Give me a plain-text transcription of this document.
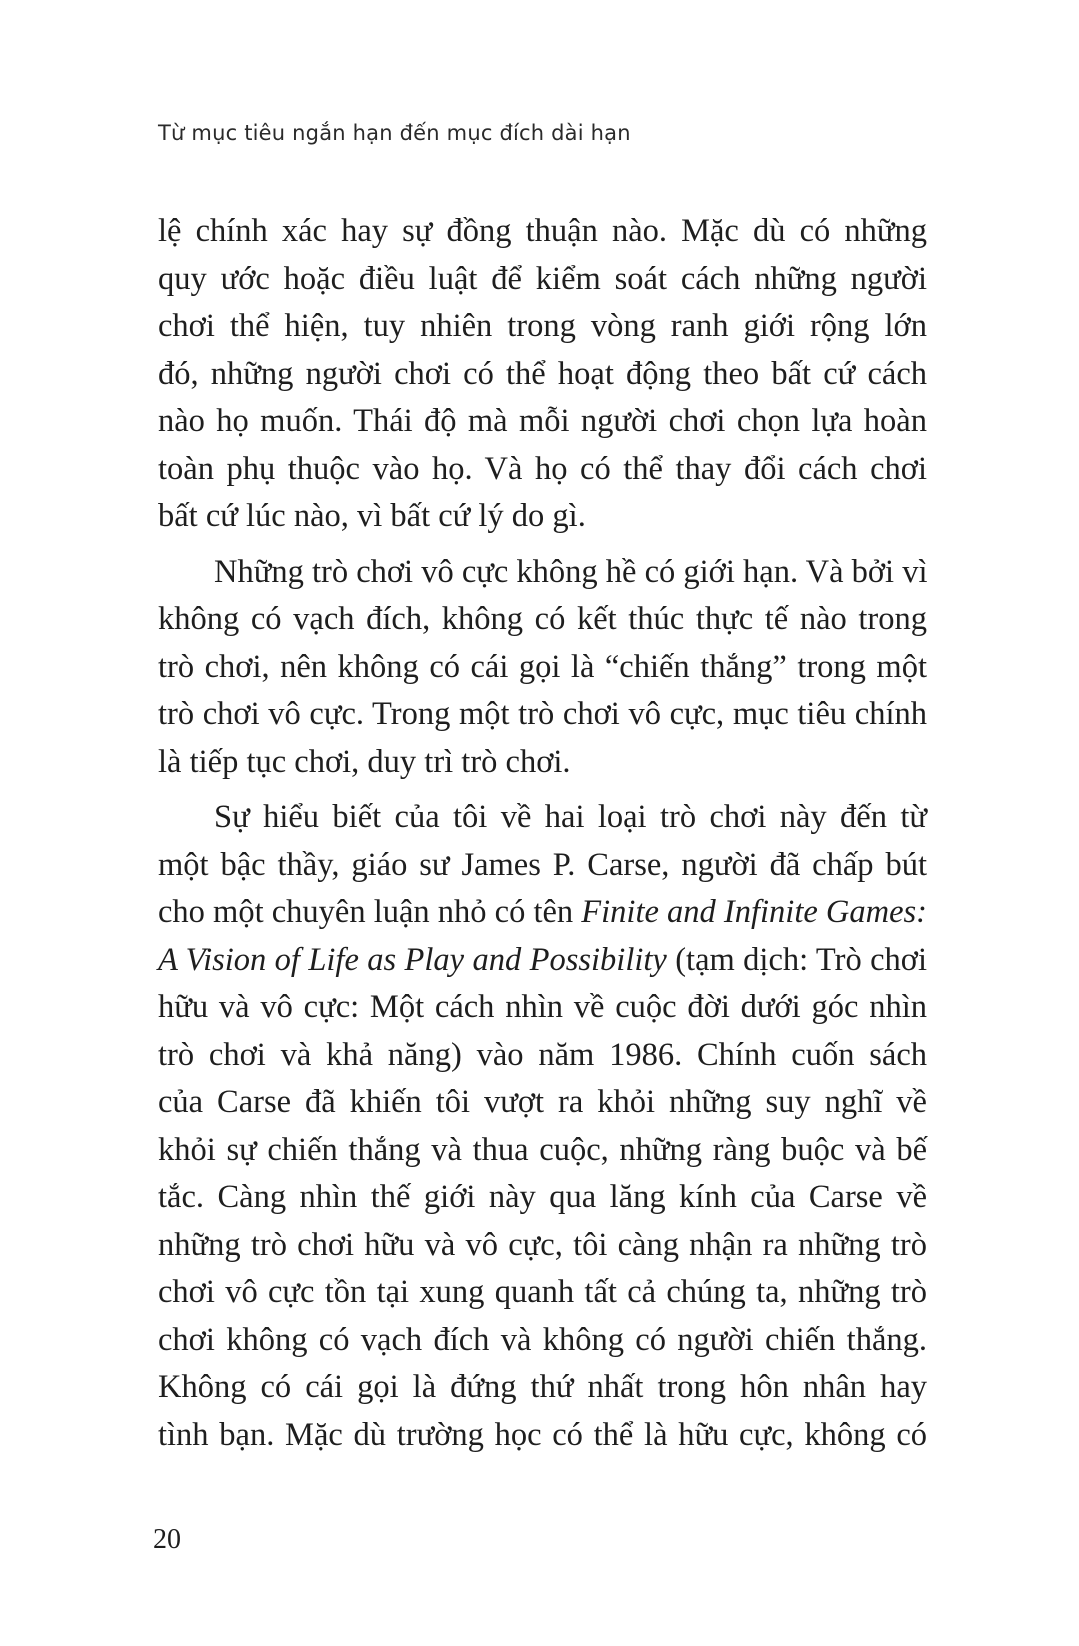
Từ mục tiêu ngắn hạn đến mục đích dài hạn

lệ chính xác hay sự đồng thuận nào. Mặc dù có những
quy ước hoặc điều luật để kiểm soát cách những người
chơi thể hiện, tuy nhiên trong vòng ranh giới rộng lớn
đó, những người chơi có thể hoạt động theo bất cứ cách
nào họ muốn. Thái độ mà mỗi người chơi chọn lựa hoàn
toàn phụ thuộc vào họ. Và họ có thể thay đổi cách chơi
bất cứ lúc nào, vì bất cứ lý do gì.

Những trò chơi vô cực không hề có giới hạn. Và bởi vì
không có vạch đích, không có kết thúc thực tế nào trong
trò chơi, nên không có cái gọi là “chiến thắng” trong một
trò chơi vô cực. Trong một trò chơi vô cực, mục tiêu chính
là tiếp tục chơi, duy trì trò chơi.

Sự hiểu biết của tôi về hai loại trò chơi này đến từ
một bậc thầy, giáo sư James P. Carse, người đã chấp bút
cho một chuyên luận nhỏ có tên Finite and Infinite Games:
A Vision of Life as Play and Possibility (tạm dịch: Trò chơi
hữu và vô cực: Một cách nhìn về cuộc đời dưới góc nhìn
trò chơi và khả năng) vào năm 1986. Chính cuốn sách
của Carse đã khiến tôi vượt ra khỏi những suy nghĩ về
khỏi sự chiến thắng và thua cuộc, những ràng buộc và bế
tắc. Càng nhìn thế giới này qua lăng kính của Carse về
những trò chơi hữu và vô cực, tôi càng nhận ra những trò
chơi vô cực tồn tại xung quanh tất cả chúng ta, những trò
chơi không có vạch đích và không có người chiến thắng.
Không có cái gọi là đứng thứ nhất trong hôn nhân hay
tình bạn. Mặc dù trường học có thể là hữu cực, không có

20
